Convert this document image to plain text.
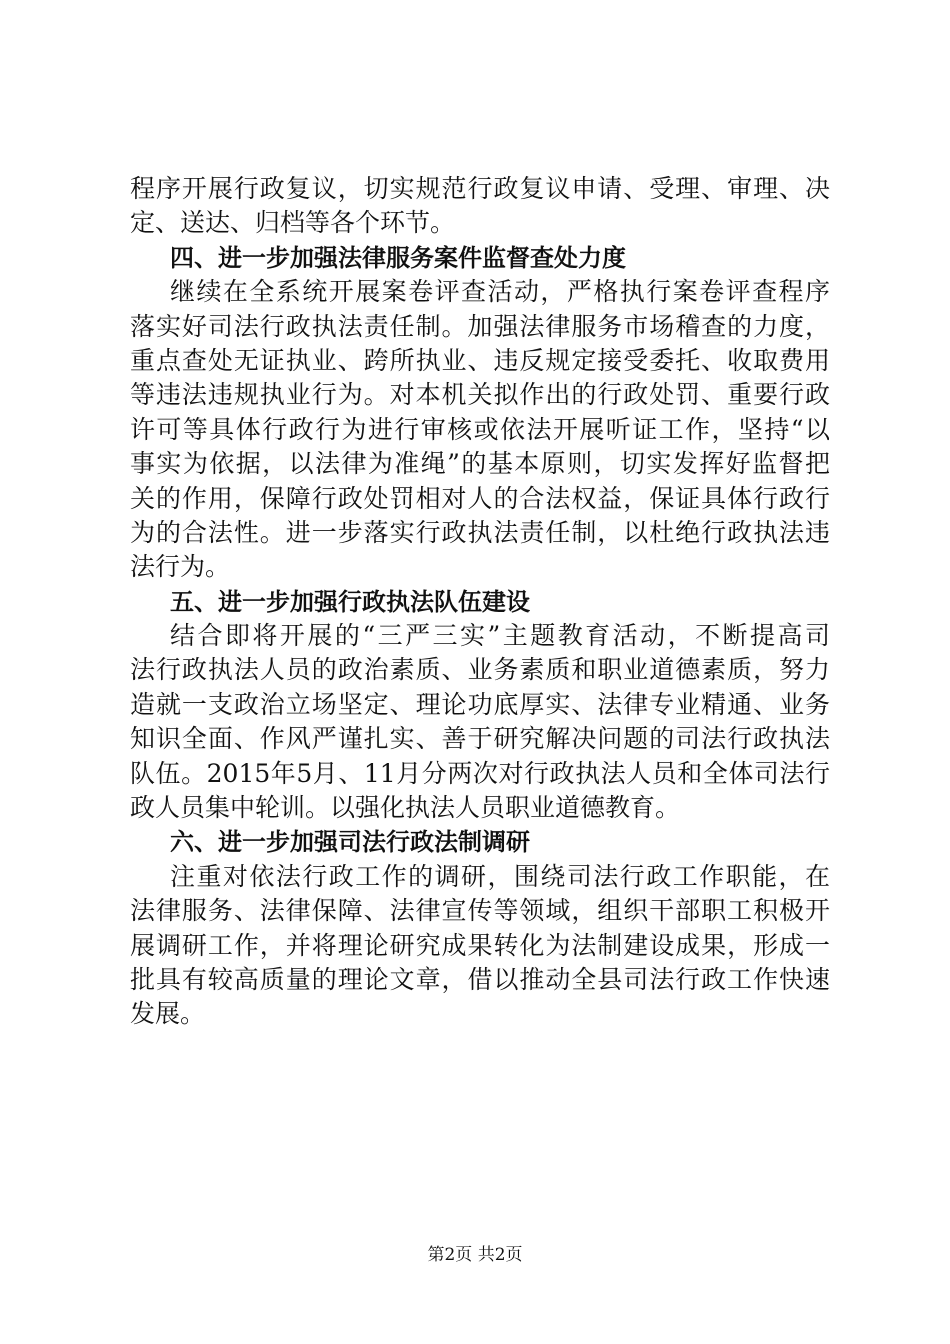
程序开展行政复议，切实规范行政复议申请、受理、审理、决
定、送达、归档等各个环节。
四、进一步加强法律服务案件监督查处力度
继续在全系统开展案卷评查活动，严格执行案卷评查程序
落实好司法行政执法责任制。加强法律服务市场稽查的力度，
重点查处无证执业、跨所执业、违反规定接受委托、收取费用
等违法违规执业行为。对本机关拟作出的行政处罚、重要行政
许可等具体行政行为进行审核或依法开展听证工作，坚持“以
事实为依据，以法律为准绳”的基本原则，切实发挥好监督把
关的作用，保障行政处罚相对人的合法权益，保证具体行政行
为的合法性。进一步落实行政执法责任制，以杜绝行政执法违
法行为。
五、进一步加强行政执法队伍建设
结合即将开展的“三严三实”主题教育活动，不断提高司
法行政执法人员的政治素质、业务素质和职业道德素质，努力
造就一支政治立场坚定、理论功底厚实、法律专业精通、业务
知识全面、作风严谨扎实、善于研究解决问题的司法行政执法
队伍。2015年5月、11月分两次对行政执法人员和全体司法行
政人员集中轮训。以强化执法人员职业道德教育。
六、进一步加强司法行政法制调研
注重对依法行政工作的调研，围绕司法行政工作职能，在
法律服务、法律保障、法律宣传等领域，组织干部职工积极开
展调研工作，并将理论研究成果转化为法制建设成果，形成一
批具有较高质量的理论文章，借以推动全县司法行政工作快速
发展。
第2页 共2页
